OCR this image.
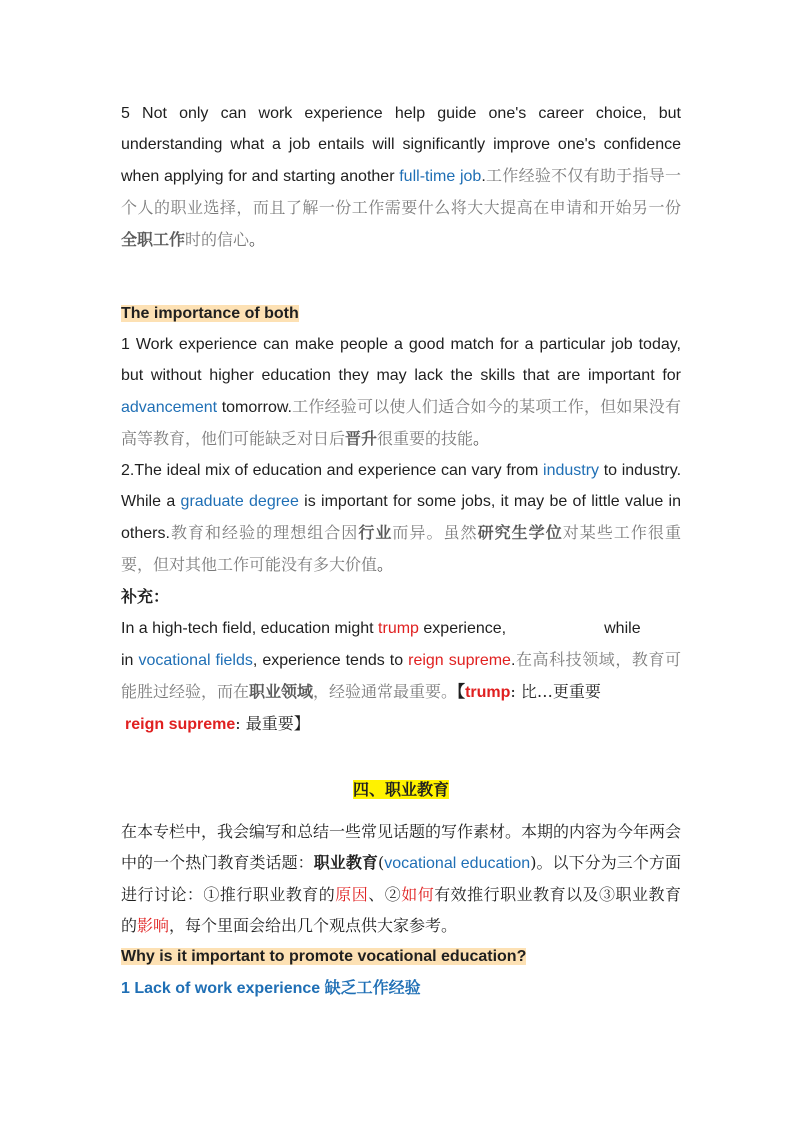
5 Not only can work experience help guide one's career choice, but understanding what a job entails will significantly improve one's confidence when applying for and starting another full-time job.工作经验不仅有助于指导一个人的职业选择，而且了解一份工作需要什么将大大提高在申请和开始另一份全职工作时的信心。

The importance of both

1 Work experience can make people a good match for a particular job today, but without higher education they may lack the skills that are important for advancement tomorrow.工作经验可以使人们适合如今的某项工作，但如果没有高等教育，他们可能缺乏对日后晋升很重要的技能。

2.The ideal mix of education and experience can vary from industry to industry. While a graduate degree is important for some jobs, it may be of little value in others.教育和经验的理想组合因行业而异。虽然研究生学位对某些工作很重要，但对其他工作可能没有多大价值。

补充：

In a high-tech field, education might trump experience,	while
in vocational fields, experience tends to reign supreme.在高科技领域，教育可能胜过经验，而在职业领域，经验通常最重要。【trump: 比…更重要
reign supreme: 最重要】

四、职业教育

在本专栏中，我会编写和总结一些常见话题的写作素材。本期的内容为今年两会中的一个热门教育类话题：职业教育(vocational education)。以下分为三个方面进行讨论：①推行职业教育的原因、②如何有效推行职业教育以及③职业教育的影响，每个里面会给出几个观点供大家参考。

Why is it important to promote vocational education?

1 Lack of work experience 缺乏工作经验
